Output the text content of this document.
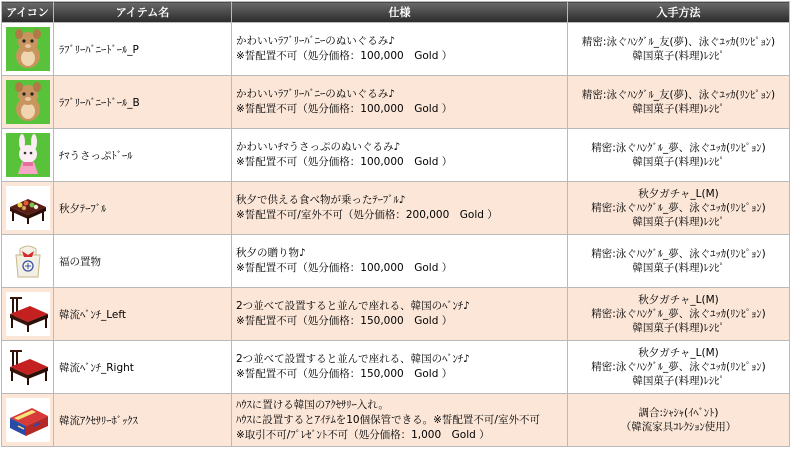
アイコン	アイテム名	仕様	入手方法

	ﾗﾌﾞﾘｰﾊﾞﾆｰﾄﾞｰﾙ_P	かわいいﾗﾌﾞﾘｰﾊﾞﾆｰのぬいぐるみ♪
※誓配置不可（処分価格：100,000　Gold ）	精密:泳ぐﾊﾝｸﾞﾙ_友(夢)、泳ぐﾕｯｶ(ﾘﾝﾋﾟｮﾝ)
韓国菓子(料理)ﾚｼﾋﾟ

	ﾗﾌﾞﾘｰﾊﾞﾆｰﾄﾞｰﾙ_B	かわいいﾗﾌﾞﾘｰﾊﾞﾆｰのぬいぐるみ♪
※誓配置不可（処分価格：100,000　Gold ）	精密:泳ぐﾊﾝｸﾞﾙ_友(夢)、泳ぐﾕｯｶ(ﾘﾝﾋﾟｮﾝ)
韓国菓子(料理)ﾚｼﾋﾟ

	ﾁﾏうさっぷﾄﾞｰﾙ	かわいいﾁﾏうさっぷのぬいぐるみ♪
※誓配置不可（処分価格：100,000　Gold ）	精密:泳ぐﾊﾝｸﾞﾙ_夢、泳ぐﾕｯｶ(ﾘﾝﾋﾟｮﾝ)
韓国菓子(料理)ﾚｼﾋﾟ

	秋夕ﾃｰﾌﾞﾙ	秋夕で供える食べ物が乗ったﾃｰﾌﾞﾙ♪
※誓配置不可/室外不可（処分価格：200,000　Gold ）	秋夕ガチャ_L(M)
精密:泳ぐﾊﾝｸﾞﾙ_夢、泳ぐﾕｯｶ(ﾘﾝﾋﾟｮﾝ)
韓国菓子(料理)ﾚｼﾋﾟ

	福の置物	秋夕の贈り物♪
※誓配置不可（処分価格：100,000　Gold ）	精密:泳ぐﾊﾝｸﾞﾙ_夢、泳ぐﾕｯｶ(ﾘﾝﾋﾟｮﾝ)
韓国菓子(料理)ﾚｼﾋﾟ

	韓流ﾍﾞﾝﾁ_Left	2つ並べて設置すると並んで座れる、韓国のﾍﾞﾝﾁ♪
※誓配置不可（処分価格：150,000　Gold ）	秋夕ガチャ_L(M)
精密:泳ぐﾊﾝｸﾞﾙ_夢、泳ぐﾕｯｶ(ﾘﾝﾋﾟｮﾝ)
韓国菓子(料理)ﾚｼﾋﾟ

	韓流ﾍﾞﾝﾁ_Right	2つ並べて設置すると並んで座れる、韓国のﾍﾞﾝﾁ♪
※誓配置不可（処分価格：150,000　Gold ）	秋夕ガチャ_L(M)
精密:泳ぐﾊﾝｸﾞﾙ_夢、泳ぐﾕｯｶ(ﾘﾝﾋﾟｮﾝ)
韓国菓子(料理)ﾚｼﾋﾟ

	韓流ｱｸｾｻﾘｰﾎﾞｯｸｽ	ﾊｳｽに置ける韓国のｱｸｾｻﾘｰ入れ。
ﾊｳｽに設置するとｱｲﾃﾑを10個保管できる。※誓配置不可/室外不可
※取引不可/ﾌﾟﾚｾﾞﾝﾄ不可（処分価格：1,000　Gold ）	調合:ｼｬｼｬ(ｲﾍﾞﾝﾄ)
（韓流家具ｺﾚｸｼｮﾝ使用）
